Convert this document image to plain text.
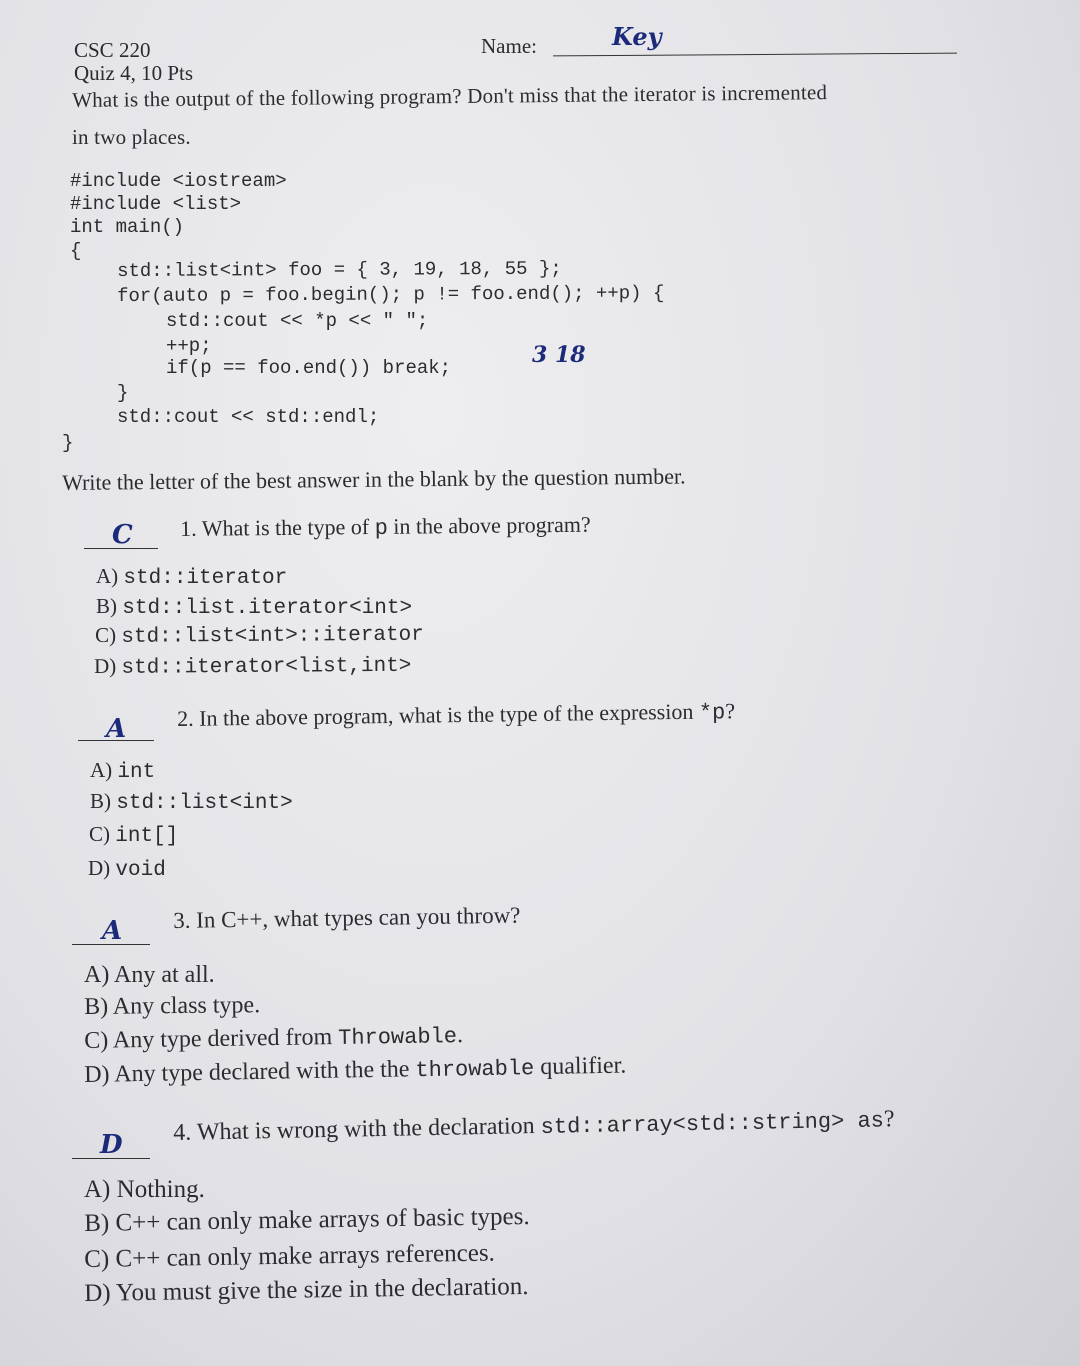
CSC 220
Quiz 4, 10 Pts
Name:	Key
What is the output of the following program? Don't miss that the iterator is incremented
in two places.
#include <iostream>
#include <list>
int main()
{
std::list<int> foo = { 3, 19, 18, 55 };
for(auto p = foo.begin(); p != foo.end(); ++p) {
std::cout << *p << " ";
++p;
if(p == foo.end()) break;
}
std::cout << std::endl;
}
3 18
Write the letter of the best answer in the blank by the question number.
C 1. What is the type of p in the above program?
A) std::iterator
B) std::list.iterator<int>
C) std::list<int>::iterator
D) std::iterator<list,int>
A 2. In the above program, what is the type of the expression *p?
A) int
B) std::list<int>
C) int[]
D) void
A 3. In C++, what types can you throw?
A) Any at all.
B) Any class type.
C) Any type derived from Throwable.
D) Any type declared with the the throwable qualifier.
D 4. What is wrong with the declaration std::array<std::string> as?
A) Nothing.
B) C++ can only make arrays of basic types.
C) C++ can only make arrays references.
D) You must give the size in the declaration.
